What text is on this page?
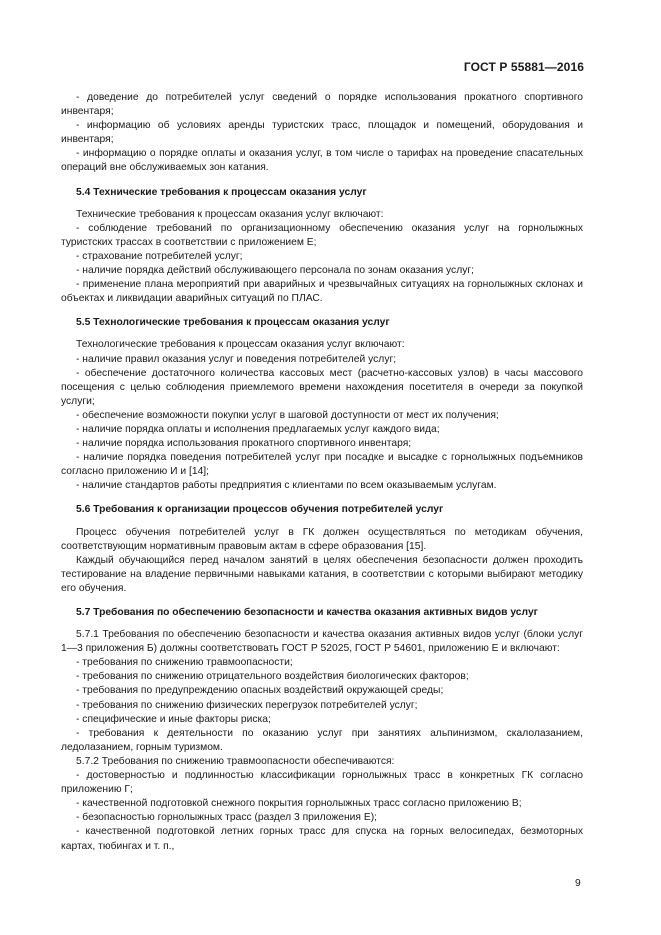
ГОСТ Р 55881—2016

- доведение до потребителей услуг сведений о порядке использования прокатного спортивного инвентаря;

- информацию об условиях аренды туристских трасс, площадок и помещений, оборудования и инвентаря;

- информацию о порядке оплаты и оказания услуг, в том числе о тарифах на проведение спасательных операций вне обслуживаемых зон катания.

5.4 Технические требования к процессам оказания услуг

Технические требования к процессам оказания услуг включают:

- соблюдение требований по организационному обеспечению оказания услуг на горнолыжных туристских трассах в соответствии с приложением Е;

- страхование потребителей услуг;

- наличие порядка действий обслуживающего персонала по зонам оказания услуг;

- применение плана мероприятий при аварийных и чрезвычайных ситуациях на горнолыжных склонах и объектах и ликвидации аварийных ситуаций по ПЛАС.

5.5 Технологические требования к процессам оказания услуг

Технологические требования к процессам оказания услуг включают:

- наличие правил оказания услуг и поведения потребителей услуг;

- обеспечение достаточного количества кассовых мест (расчетно-кассовых узлов) в часы массового посещения с целью соблюдения приемлемого времени нахождения посетителя в очереди за покупкой услуги;

- обеспечение возможности покупки услуг в шаговой доступности от мест их получения;

- наличие порядка оплаты и исполнения предлагаемых услуг каждого вида;

- наличие порядка использования прокатного спортивного инвентаря;

- наличие порядка поведения потребителей услуг при посадке и высадке с горнолыжных подъемников согласно приложению И и [14];

- наличие стандартов работы предприятия с клиентами по всем оказываемым услугам.

5.6 Требования к организации процессов обучения потребителей услуг

Процесс обучения потребителей услуг в ГК должен осуществляться по методикам обучения, соответствующим нормативным правовым актам в сфере образования [15].

Каждый обучающийся перед началом занятий в целях обеспечения безопасности должен проходить тестирование на владение первичными навыками катания, в соответствии с которыми выбирают методику его обучения.

5.7 Требования по обеспечению безопасности и качества оказания активных видов услуг

5.7.1 Требования по обеспечению безопасности и качества оказания активных видов услуг (блоки услуг 1—3 приложения Б) должны соответствовать ГОСТ Р 52025, ГОСТ Р 54601, приложению Е и включают:

- требования по снижению травмоопасности;

- требования по снижению отрицательного воздействия биологических факторов;

- требования по предупреждению опасных воздействий окружающей среды;

- требования по снижению физических перегрузок потребителей услуг;

- специфические и иные факторы риска;

- требования к деятельности по оказанию услуг при занятиях альпинизмом, скалолазанием, ледолазанием, горным туризмом.

5.7.2 Требования по снижению травмоопасности обеспечиваются:

- достоверностью и подлинностью классификации горнолыжных трасс в конкретных ГК согласно приложению Г;

- качественной подготовкой снежного покрытия горнолыжных трасс согласно приложению В;

- безопасностью горнолыжных трасс (раздел 3 приложения Е);

- качественной подготовкой летних горных трасс для спуска на горных велосипедах, безмоторных картах, тюбингах и т. п.,

9
